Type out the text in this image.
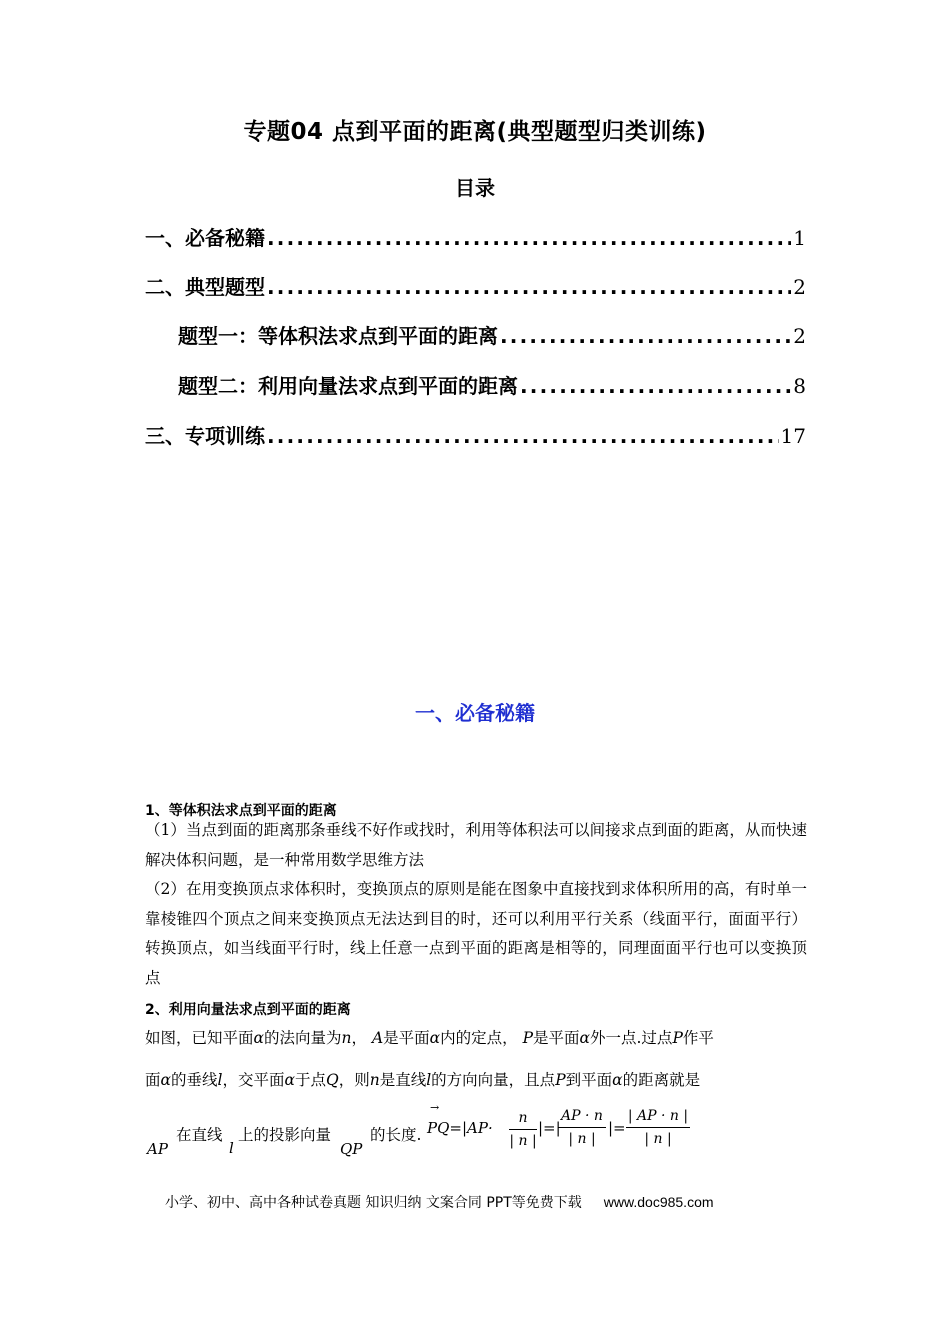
专题04 点到平面的距离(典型题型归类训练)
目录
一、必备秘籍 .....	1
二、典型题型 .....	2
题型一：等体积法求点到平面的距离 .....	2
题型二：利用向量法求点到平面的距离 .....	8
三、专项训练 .....	17
一、必备秘籍
1、等体积法求点到平面的距离
（1）当点到面的距离那条垂线不好作或找时，利用等体积法可以间接求点到面的距离，从而快速解决体积问题，是一种常用数学思维方法
（2）在用变换顶点求体积时，变换顶点的原则是能在图象中直接找到求体积所用的高，有时单一靠棱锥四个顶点之间来变换顶点无法达到目的时，还可以利用平行关系（线面平行，面面平行）转换顶点，如当线面平行时，线上任意一点到平面的距离是相等的，同理面面平行也可以变换顶点
2、利用向量法求点到平面的距离
如图，已知平面α的法向量为n， A是平面α内的定点， P是平面α外一点.过点P作平
面α的垂线l，交平面α于点Q，则n是直线l的方向向量，且点P到平面α的距离就是
AP
在直线
l
上的投影向量
QP
的长度.
→
PQ=|AP·
n
| n |
|=|
AP · n
| n |
|=
| AP · n |
| n |
小学、初中、高中各种试卷真题 知识归纳 文案合同 PPT等免费下载 www.doc985.com
